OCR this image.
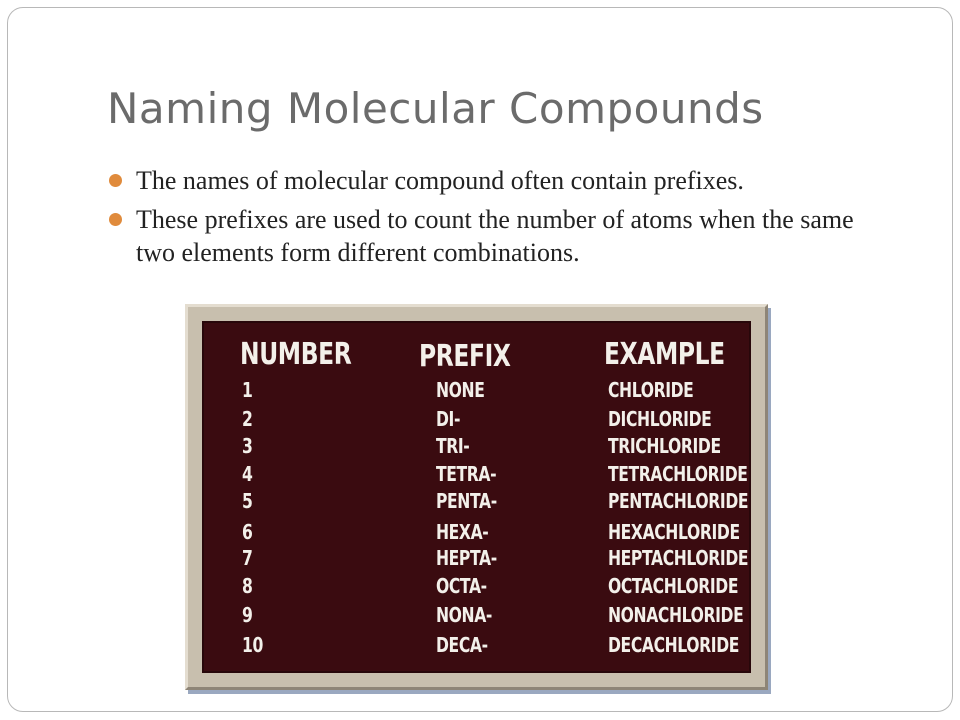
Naming Molecular Compounds
The names of molecular compound often contain prefixes.
These prefixes are used to count the number of atoms when the same two elements form different combinations.
NUMBER PREFIX	EXAMPLE
1	NONE	CHLORIDE
2	DI-	DICHLORIDE
3	TRI-	TRICHLORIDE
4	TETRA-	TETRACHLORIDE
5	PENTA-	PENTACHLORIDE
6	HEXA-	HEXACHLORIDE
7	HEPTA-	HEPTACHLORIDE
8	OCTA-	OCTACHLORIDE
9	NONA-	NONACHLORIDE
10	DECA-	DECACHLORIDE
